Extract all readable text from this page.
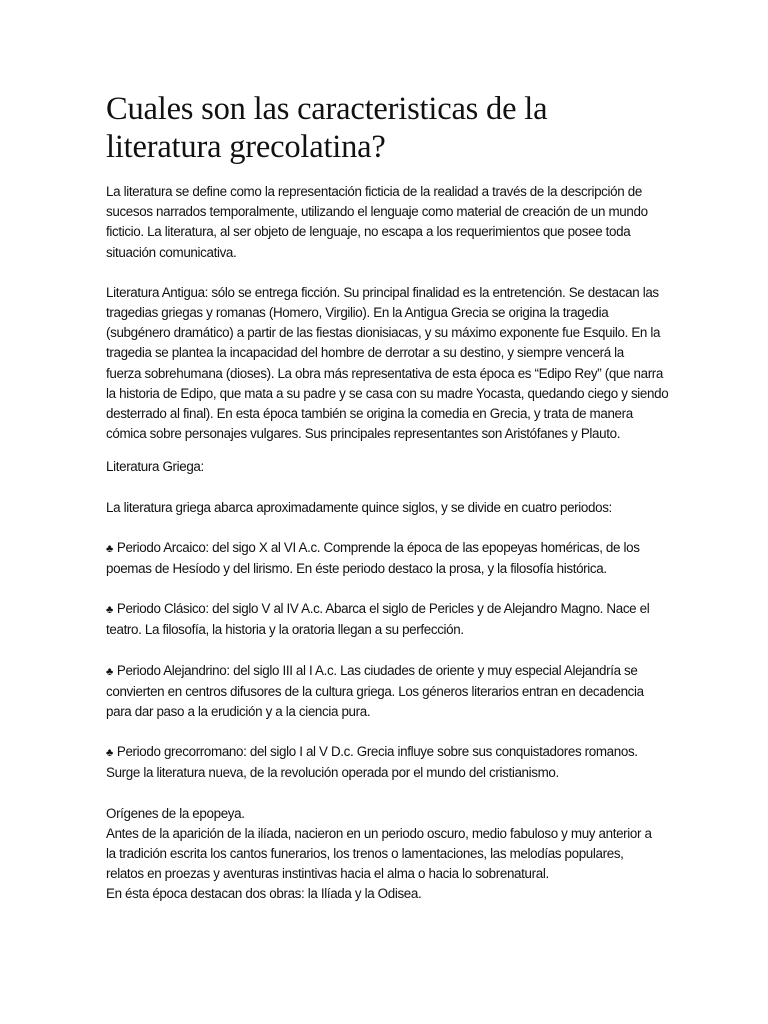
Cuales son las caracteristicas de la
literatura grecolatina?

La literatura se define como la representación ficticia de la realidad a través de la descripción de

sucesos narrados temporalmente, utilizando el lenguaje como material de creación de un mundo

ficticio. La literatura, al ser objeto de lenguaje, no escapa a los requerimientos que posee toda

situación comunicativa.

Literatura Antigua: sólo se entrega ficción. Su principal finalidad es la entretención. Se destacan las

tragedias griegas y romanas (Homero, Virgilio). En la Antigua Grecia se origina la tragedia

(subgénero dramático) a partir de las fiestas dionisiacas, y su máximo exponente fue Esquilo. En la

tragedia se plantea la incapacidad del hombre de derrotar a su destino, y siempre vencerá la

fuerza sobrehumana (dioses). La obra más representativa de esta época es “Edipo Rey” (que narra

la historia de Edipo, que mata a su padre y se casa con su madre Yocasta, quedando ciego y siendo

desterrado al final). En esta época también se origina la comedia en Grecia, y trata de manera

cómica sobre personajes vulgares. Sus principales representantes son Aristófanes y Plauto.

Literatura Griega:

La literatura griega abarca aproximadamente quince siglos, y se divide en cuatro periodos:

♣ Periodo Arcaico: del sigo X al VI A.c. Comprende la época de las epopeyas homéricas, de los

poemas de Hesíodo y del lirismo. En éste periodo destaco la prosa, y la filosofía histórica.

♣ Periodo Clásico: del siglo V al IV A.c. Abarca el siglo de Pericles y de Alejandro Magno. Nace el

teatro. La filosofía, la historia y la oratoria llegan a su perfección.

♣ Periodo Alejandrino: del siglo III al I A.c. Las ciudades de oriente y muy especial Alejandría se

convierten en centros difusores de la cultura griega. Los géneros literarios entran en decadencia

para dar paso a la erudición y a la ciencia pura.

♣ Periodo grecorromano: del siglo I al V D.c. Grecia influye sobre sus conquistadores romanos.

Surge la literatura nueva, de la revolución operada por el mundo del cristianismo.

Orígenes de la epopeya.

Antes de la aparición de la ilíada, nacieron en un periodo oscuro, medio fabuloso y muy anterior a

la tradición escrita los cantos funerarios, los trenos o lamentaciones, las melodías populares,

relatos en proezas y aventuras instintivas hacia el alma o hacia lo sobrenatural.

En ésta época destacan dos obras: la Ilíada y la Odisea.
